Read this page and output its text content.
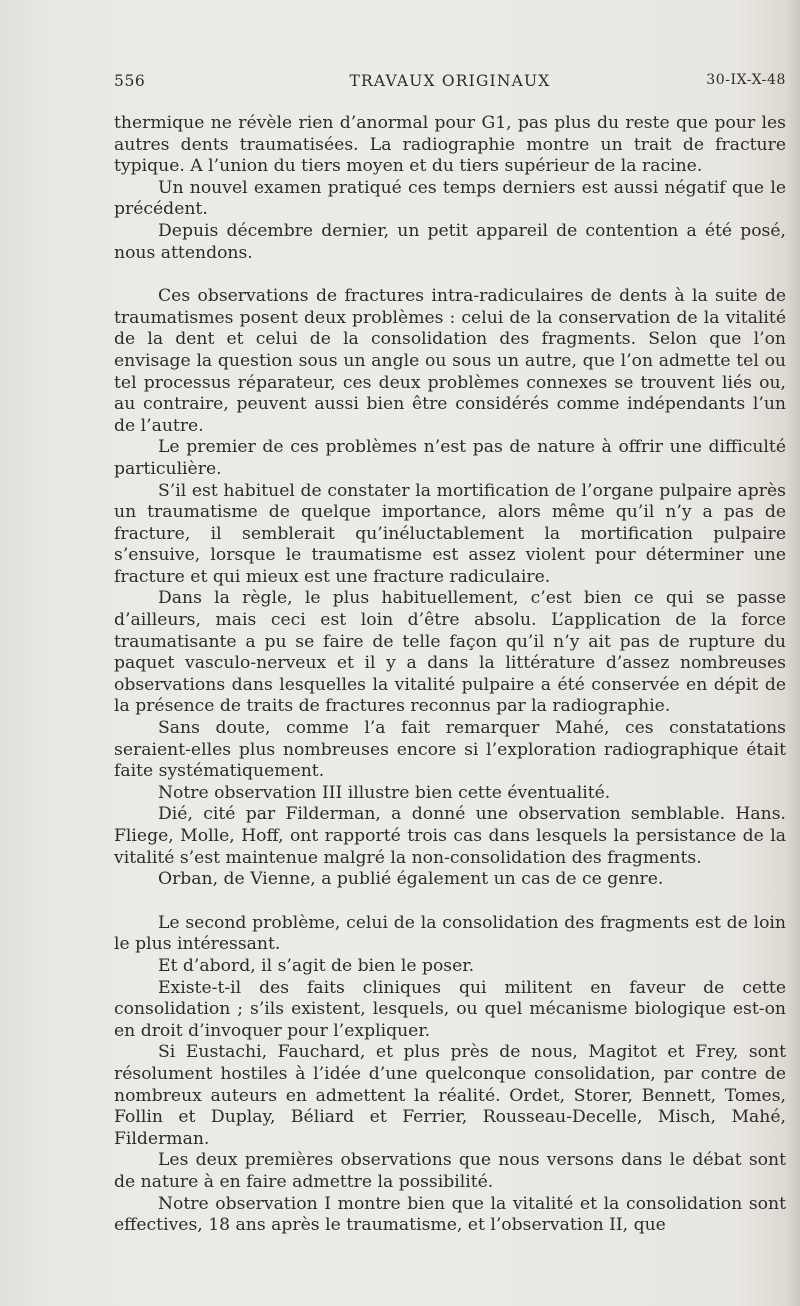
556	TRAVAUX ORIGINAUX	30-IX-X-48

thermique ne révèle rien d’anormal pour G1, pas plus du reste que pour les autres dents traumatisées. La radiographie montre un trait de fracture typique. A l’union du tiers moyen et du tiers supérieur de la racine.

Un nouvel examen pratiqué ces temps derniers est aussi négatif que le précédent.

Depuis décembre dernier, un petit appareil de contention a été posé, nous attendons.

Ces observations de fractures intra-radiculaires de dents à la suite de traumatismes posent deux problèmes : celui de la conservation de la vitalité de la dent et celui de la consolidation des fragments. Selon que l’on envisage la question sous un angle ou sous un autre, que l’on admette tel ou tel processus réparateur, ces deux problèmes connexes se trouvent liés ou, au contraire, peuvent aussi bien être considérés comme indépendants l’un de l’autre.

Le premier de ces problèmes n’est pas de nature à offrir une difficulté particulière.

S’il est habituel de constater la mortification de l’organe pulpaire après un traumatisme de quelque importance, alors même qu’il n’y a pas de fracture, il semblerait qu’inéluctablement la mortification pulpaire s’ensuive, lorsque le traumatisme est assez violent pour déterminer une fracture et qui mieux est une fracture radiculaire.

Dans la règle, le plus habituellement, c’est bien ce qui se passe d’ailleurs, mais ceci est loin d’être absolu. L’application de la force traumatisante a pu se faire de telle façon qu’il n’y ait pas de rupture du paquet vasculo-nerveux et il y a dans la littérature d’assez nombreuses observations dans lesquelles la vitalité pulpaire a été conservée en dépit de la présence de traits de fractures reconnus par la radiographie.

Sans doute, comme l’a fait remarquer Mahé, ces constatations seraient-elles plus nombreuses encore si l’exploration radiographique était faite systématiquement.

Notre observation III illustre bien cette éventualité.

Dié, cité par Filderman, a donné une observation semblable. Hans. Fliege, Molle, Hoff, ont rapporté trois cas dans lesquels la persistance de la vitalité s’est maintenue malgré la non-consolidation des fragments.

Orban, de Vienne, a publié également un cas de ce genre.

Le second problème, celui de la consolidation des fragments est de loin le plus intéressant.

Et d’abord, il s’agit de bien le poser.

Existe-t-il des faits cliniques qui militent en faveur de cette consolidation ; s’ils existent, lesquels, ou quel mécanisme biologique est-on en droit d’invoquer pour l’expliquer.

Si Eustachi, Fauchard, et plus près de nous, Magitot et Frey, sont résolument hostiles à l’idée d’une quelconque consolidation, par contre de nombreux auteurs en admettent la réalité. Ordet, Storer, Bennett, Tomes, Follin et Duplay, Béliard et Ferrier, Rousseau-Decelle, Misch, Mahé, Filderman.

Les deux premières observations que nous versons dans le débat sont de nature à en faire admettre la possibilité.

Notre observation I montre bien que la vitalité et la consolidation sont effectives, 18 ans après le traumatisme, et l’observation II, que
